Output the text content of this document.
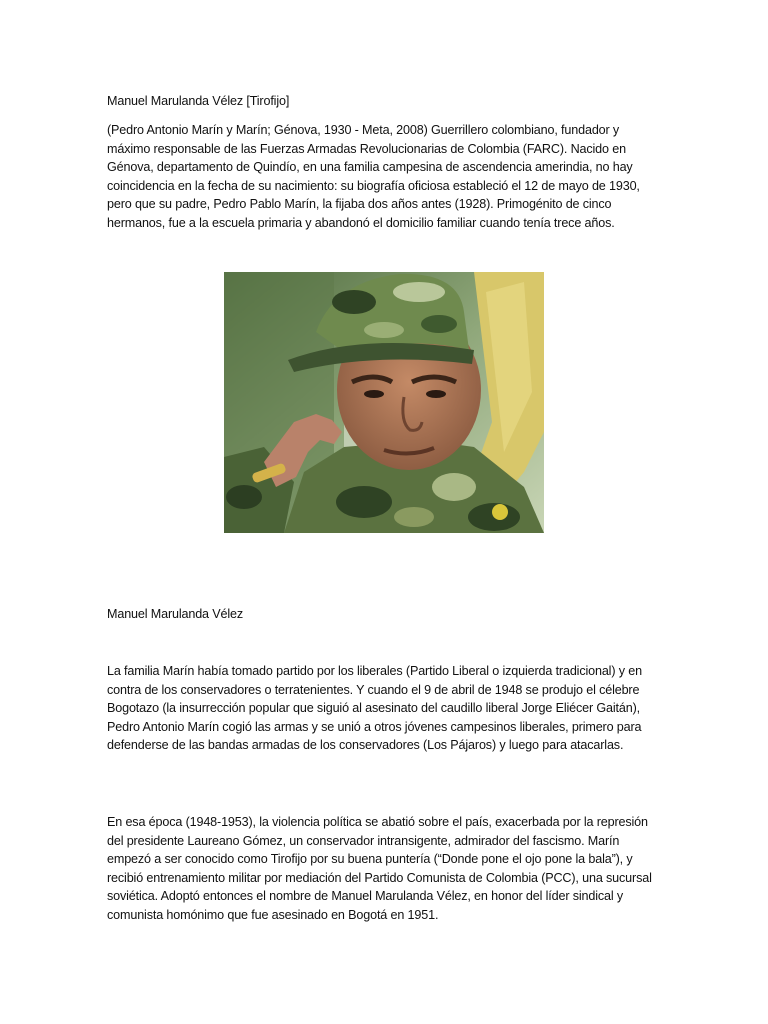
Manuel Marulanda Vélez [Tirofijo]

(Pedro Antonio Marín y Marín; Génova, 1930 - Meta, 2008) Guerrillero colombiano, fundador y máximo responsable de las Fuerzas Armadas Revolucionarias de Colombia (FARC). Nacido en Génova, departamento de Quindío, en una familia campesina de ascendencia amerindia, no hay coincidencia en la fecha de su nacimiento: su biografía oficiosa estableció el 12 de mayo de 1930, pero que su padre, Pedro Pablo Marín, la fijaba dos años antes (1928). Primogénito de cinco hermanos, fue a la escuela primaria y abandonó el domicilio familiar cuando tenía trece años.

Manuel Marulanda Vélez

La familia Marín había tomado partido por los liberales (Partido Liberal o izquierda tradicional) y en contra de los conservadores o terratenientes. Y cuando el 9 de abril de 1948 se produjo el célebre Bogotazo (la insurrección popular que siguió al asesinato del caudillo liberal Jorge Eliécer Gaitán), Pedro Antonio Marín cogió las armas y se unió a otros jóvenes campesinos liberales, primero para defenderse de las bandas armadas de los conservadores (Los Pájaros) y luego para atacarlas.

En esa época (1948-1953), la violencia política se abatió sobre el país, exacerbada por la represión del presidente Laureano Gómez, un conservador intransigente, admirador del fascismo. Marín empezó a ser conocido como Tirofijo por su buena puntería (“Donde pone el ojo pone la bala”), y recibió entrenamiento militar por mediación del Partido Comunista de Colombia (PCC), una sucursal soviética. Adoptó entonces el nombre de Manuel Marulanda Vélez, en honor del líder sindical y comunista homónimo que fue asesinado en Bogotá en 1951.
